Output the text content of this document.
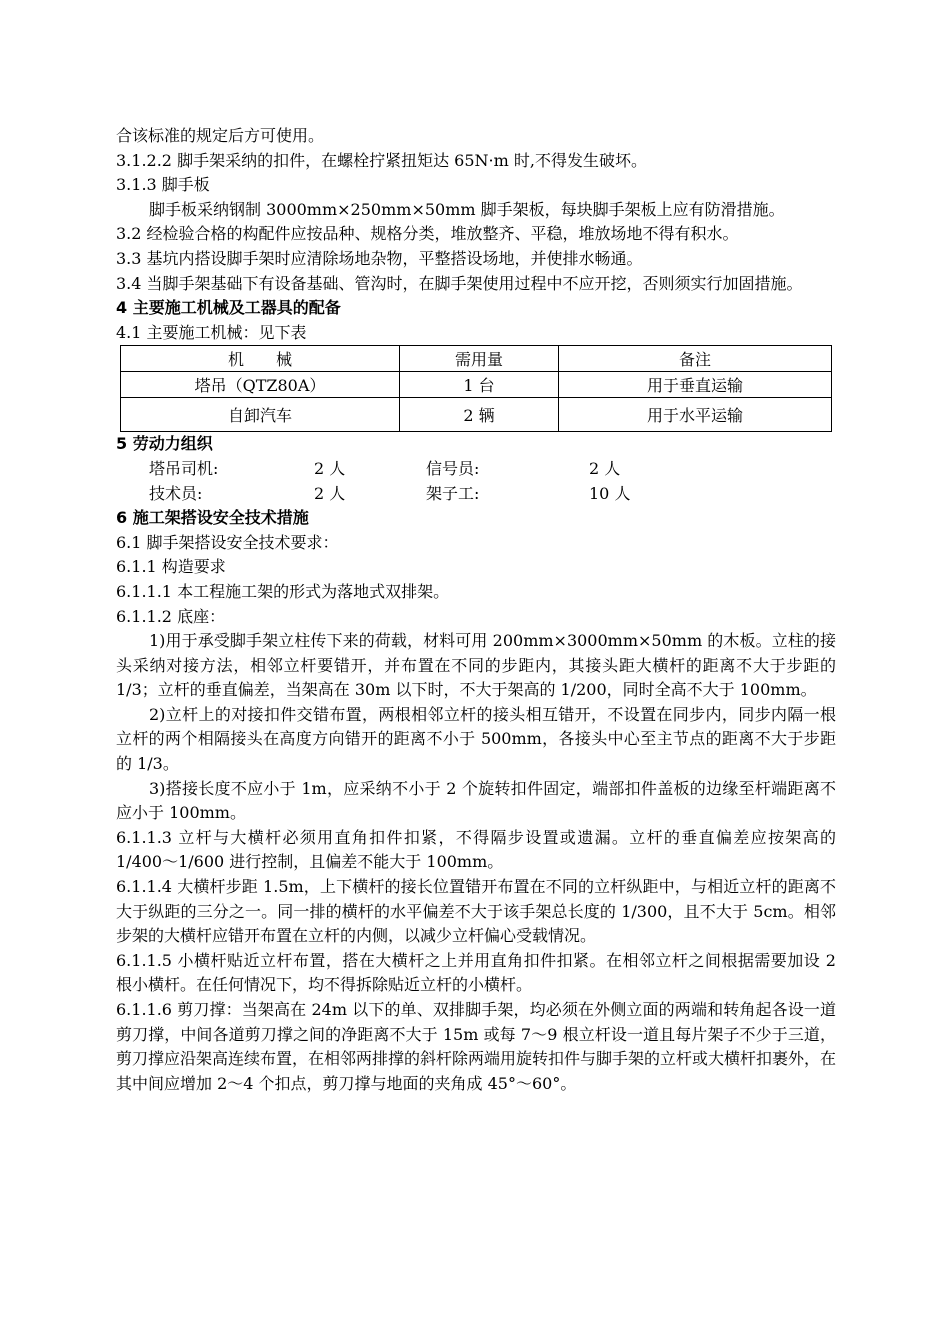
合该标准的规定后方可使用。
3.1.2.2 脚手架采纳的扣件，在螺栓拧紧扭矩达 65N·m 时,不得发生破坏。
3.1.3 脚手板
脚手板采纳钢制 3000mm×250mm×50mm 脚手架板，每块脚手架板上应有防滑措施。
3.2 经检验合格的构配件应按品种、规格分类，堆放整齐、平稳，堆放场地不得有积水。
3.3 基坑内搭设脚手架时应清除场地杂物，平整搭设场地，并使排水畅通。
3.4 当脚手架基础下有设备基础、管沟时，在脚手架使用过程中不应开挖，否则须实行加固措施。
4 主要施工机械及工器具的配备
4.1 主要施工机械：见下表
机　　械	需用量	备注
塔吊（QTZ80A）	1 台	用于垂直运输
自卸汽车	2 辆	用于水平运输
5 劳动力组织
塔吊司机:	2 人	信号员:	2 人
技术员:	2 人	架子工:	10 人
6 施工架搭设安全技术措施
6.1 脚手架搭设安全技术要求：
6.1.1 构造要求
6.1.1.1 本工程施工架的形式为落地式双排架。
6.1.1.2 底座：
1)用于承受脚手架立柱传下来的荷载，材料可用 200mm×3000mm×50mm 的木板。立柱的接头采纳对接方法，相邻立杆要错开，并布置在不同的步距内，其接头距大横杆的距离不大于步距的 1/3；立杆的垂直偏差，当架高在 30m 以下时，不大于架高的 1/200，同时全高不大于 100mm。
2)立杆上的对接扣件交错布置，两根相邻立杆的接头相互错开，不设置在同步内，同步内隔一根立杆的两个相隔接头在高度方向错开的距离不小于 500mm，各接头中心至主节点的距离不大于步距的 1/3。
3)搭接长度不应小于 1m，应采纳不小于 2 个旋转扣件固定，端部扣件盖板的边缘至杆端距离不应小于 100mm。
6.1.1.3 立杆与大横杆必须用直角扣件扣紧，不得隔步设置或遗漏。立杆的垂直偏差应按架高的 1/400～1/600 进行控制，且偏差不能大于 100mm。
6.1.1.4 大横杆步距 1.5m，上下横杆的接长位置错开布置在不同的立杆纵距中，与相近立杆的距离不大于纵距的三分之一。同一排的横杆的水平偏差不大于该手架总长度的 1/300，且不大于 5cm。相邻步架的大横杆应错开布置在立杆的内侧，以减少立杆偏心受载情况。
6.1.1.5 小横杆贴近立杆布置，搭在大横杆之上并用直角扣件扣紧。在相邻立杆之间根据需要加设 2 根小横杆。在任何情况下，均不得拆除贴近立杆的小横杆。
6.1.1.6 剪刀撑：当架高在 24m 以下的单、双排脚手架，均必须在外侧立面的两端和转角起各设一道剪刀撑，中间各道剪刀撑之间的净距离不大于 15m 或每 7～9 根立杆设一道且每片架子不少于三道，剪刀撑应沿架高连续布置，在相邻两排撑的斜杆除两端用旋转扣件与脚手架的立杆或大横杆扣裹外，在其中间应增加 2～4 个扣点，剪刀撑与地面的夹角成 45°～60°。
